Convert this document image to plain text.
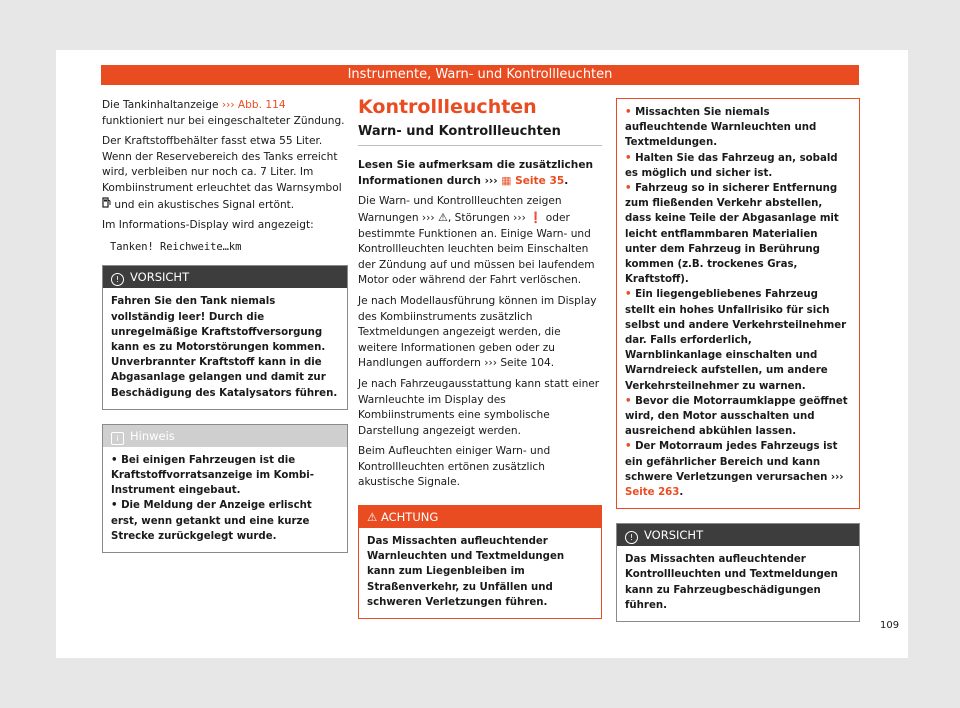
Instrumente, Warn- und Kontrollleuchten

Die Tankinhaltanzeige ››› Abb. 114 funktioniert nur bei eingeschalteter Zündung.

Der Kraftstoffbehälter fasst etwa 55 Liter. Wenn der Reservebereich des Tanks erreicht wird, verbleiben nur noch ca. 7 Liter. Im Kombiinstrument erleuchtet das Warnsymbol  und ein akustisches Signal ertönt.

Im Informations-Display wird angezeigt:

Tanken! Reichweite…km
! VORSICHT
Fahren Sie den Tank niemals vollständig leer! Durch die unregelmäßige Kraftstoffversorgung kann es zu Motorstörungen kommen. Unverbrannter Kraftstoff kann in die Abgasanlage gelangen und damit zur Beschädigung des Katalysators führen.
i Hinweis
• Bei einigen Fahrzeugen ist die Kraftstoffvorratsanzeige im Kombi-Instrument eingebaut.
• Die Meldung der Anzeige erlischt erst, wenn getankt und eine kurze Strecke zurückgelegt wurde.
Kontrollleuchten
Warn- und Kontrollleuchten

Lesen Sie aufmerksam die zusätzlichen Informationen durch ››› ▦ Seite 35.

Die Warn- und Kontrollleuchten zeigen Warnungen ››› ⚠, Störungen ››› ❗ oder bestimmte Funktionen an. Einige Warn- und Kontrollleuchten leuchten beim Einschalten der Zündung auf und müssen bei laufendem Motor oder während der Fahrt verlöschen.

Je nach Modellausführung können im Display des Kombiinstruments zusätzlich Textmeldungen angezeigt werden, die weitere Informationen geben oder zu Handlungen auffordern ››› Seite 104.

Je nach Fahrzeugausstattung kann statt einer Warnleuchte im Display des Kombiinstruments eine symbolische Darstellung angezeigt werden.

Beim Aufleuchten einiger Warn- und Kontrollleuchten ertönen zusätzlich akustische Signale.

⚠ ACHTUNG
Das Missachten aufleuchtender Warnleuchten und Textmeldungen kann zum Liegenbleiben im Straßenverkehr, zu Unfällen und schweren Verletzungen führen.
• Missachten Sie niemals aufleuchtende Warnleuchten und Textmeldungen.
• Halten Sie das Fahrzeug an, sobald es möglich und sicher ist.
• Fahrzeug so in sicherer Entfernung zum fließenden Verkehr abstellen, dass keine Teile der Abgasanlage mit leicht entflammbaren Materialien unter dem Fahrzeug in Berührung kommen (z.B. trockenes Gras, Kraftstoff).
• Ein liegengebliebenes Fahrzeug stellt ein hohes Unfallrisiko für sich selbst und andere Verkehrsteilnehmer dar. Falls erforderlich, Warnblinkanlage einschalten und Warndreieck aufstellen, um andere Verkehrsteilnehmer zu warnen.
• Bevor die Motorraumklappe geöffnet wird, den Motor ausschalten und ausreichend abkühlen lassen.
• Der Motorraum jedes Fahrzeugs ist ein gefährlicher Bereich und kann schwere Verletzungen verursachen ››› Seite 263.
! VORSICHT
Das Missachten aufleuchtender Kontrollleuchten und Textmeldungen kann zu Fahrzeugbeschädigungen führen.
109
